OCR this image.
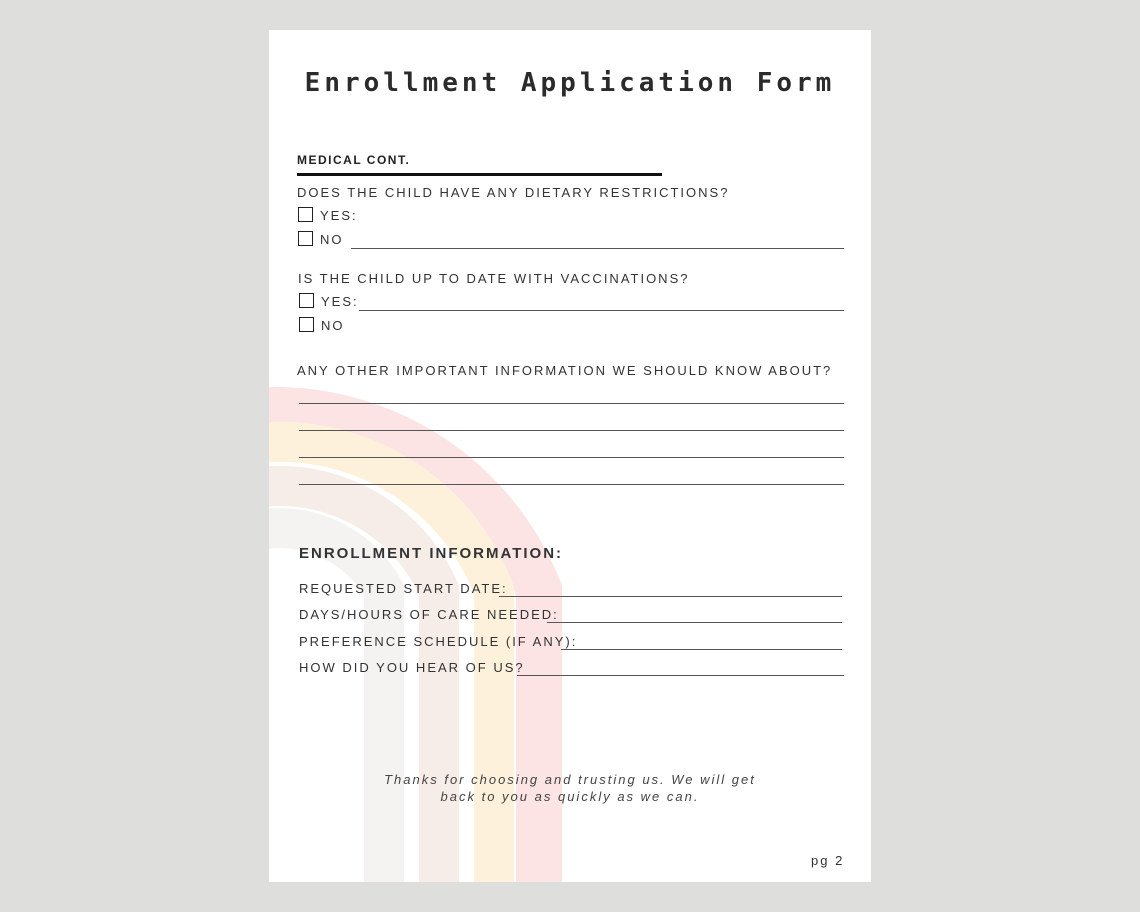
Enrollment Application Form
MEDICAL CONT.
DOES THE CHILD HAVE ANY DIETARY RESTRICTIONS?
YES:
NO
IS THE CHILD UP TO DATE WITH VACCINATIONS?
YES:
NO
ANY OTHER IMPORTANT INFORMATION WE SHOULD KNOW ABOUT?
ENROLLMENT INFORMATION:
REQUESTED START DATE:
DAYS/HOURS OF CARE NEEDED:
PREFERENCE SCHEDULE (IF ANY):
HOW DID YOU HEAR OF US?
Thanks for choosing and trusting us. We will get
back to you as quickly as we can.
pg 2
